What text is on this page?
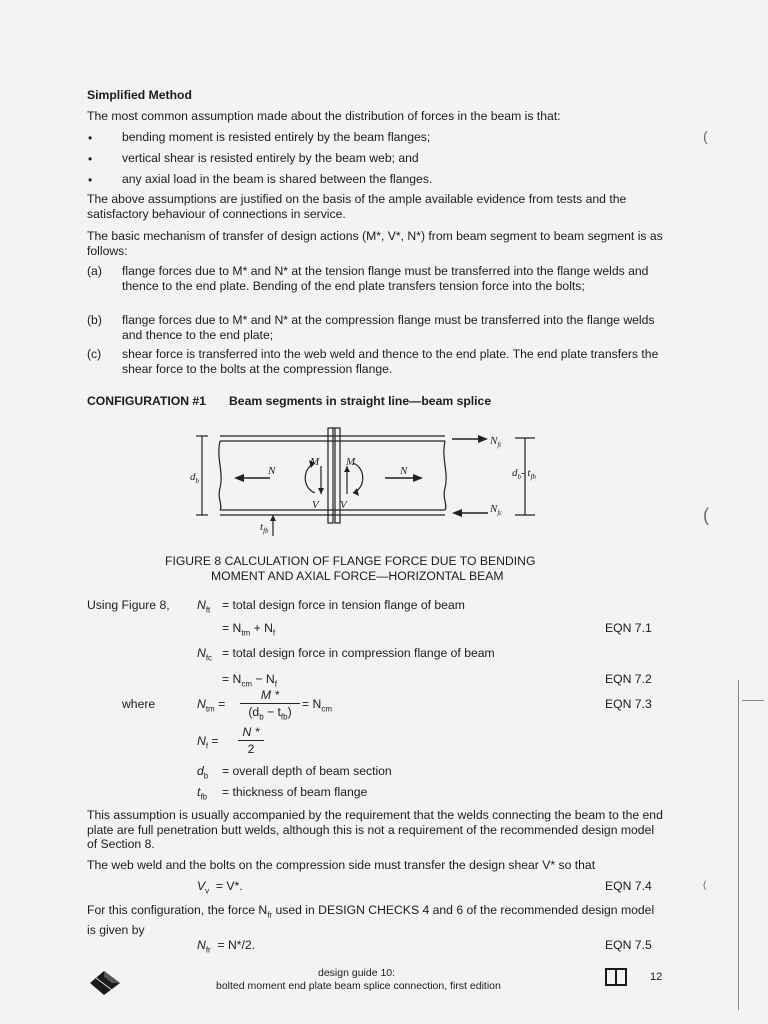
Simplified Method
The most common assumption made about the distribution of forces in the beam is that:
• bending moment is resisted entirely by the beam flanges;
• vertical shear is resisted entirely by the beam web; and
• any axial load in the beam is shared between the flanges.
The above assumptions are justified on the basis of the ample available evidence from tests and the satisfactory behaviour of connections in service.
The basic mechanism of transfer of design actions (M*, V*, N*) from beam segment to beam segment is as follows:
(a) flange forces due to M* and N* at the tension flange must be transferred into the flange welds and thence to the end plate. Bending of the end plate transfers tension force into the bolts;
(b) flange forces due to M* and N* at the compression flange must be transferred into the flange welds and thence to the end plate;
(c) shear force is transferred into the web weld and thence to the end plate. The end plate transfers the shear force to the bolts at the compression flange.
CONFIGURATION #1 Beam segments in straight line—beam splice
$d_b$
N	N
M M
V V
$N_{ft}$
$N_{fc}$
$d_b-$ $t_{fb}$
$t_{fb}$
FIGURE 8 CALCULATION OF FLANGE FORCE DUE TO BENDING
MOMENT AND AXIAL FORCE—HORIZONTAL BEAM
Using Figure 8, $N_{ft}$ = total design force in tension flange of beam
= $N_{tm} + N_f$	EQN 7.1
$N_{fc}$ = total design force in compression flange of beam
= $N_{cm} - N_f$	EQN 7.2
where	$N_{tm}$ =
M *
$(d_b - t_{fb})$
= $N_{cm}$	EQN 7.3
$N_f$ =
N *
2
$d_b$ = overall depth of beam section
$t_{fb}$ = thickness of beam flange
This assumption is usually accompanied by the requirement that the welds connecting the beam to the end plate are full penetration butt welds, although this is not a requirement of the recommended design model of Section 8.
The web weld and the bolts on the compression side must transfer the design shear V* so that
$V_v = V*$.	EQN 7.4
For this configuration, the force $N_{fr}$ used in DESIGN CHECKS 4 and 6 of the recommended design model is given by
$N_{fr} = N*/2$.	EQN 7.5
design guide 10:
bolted moment end plate beam splice connection, first edition
12
(
(
(
